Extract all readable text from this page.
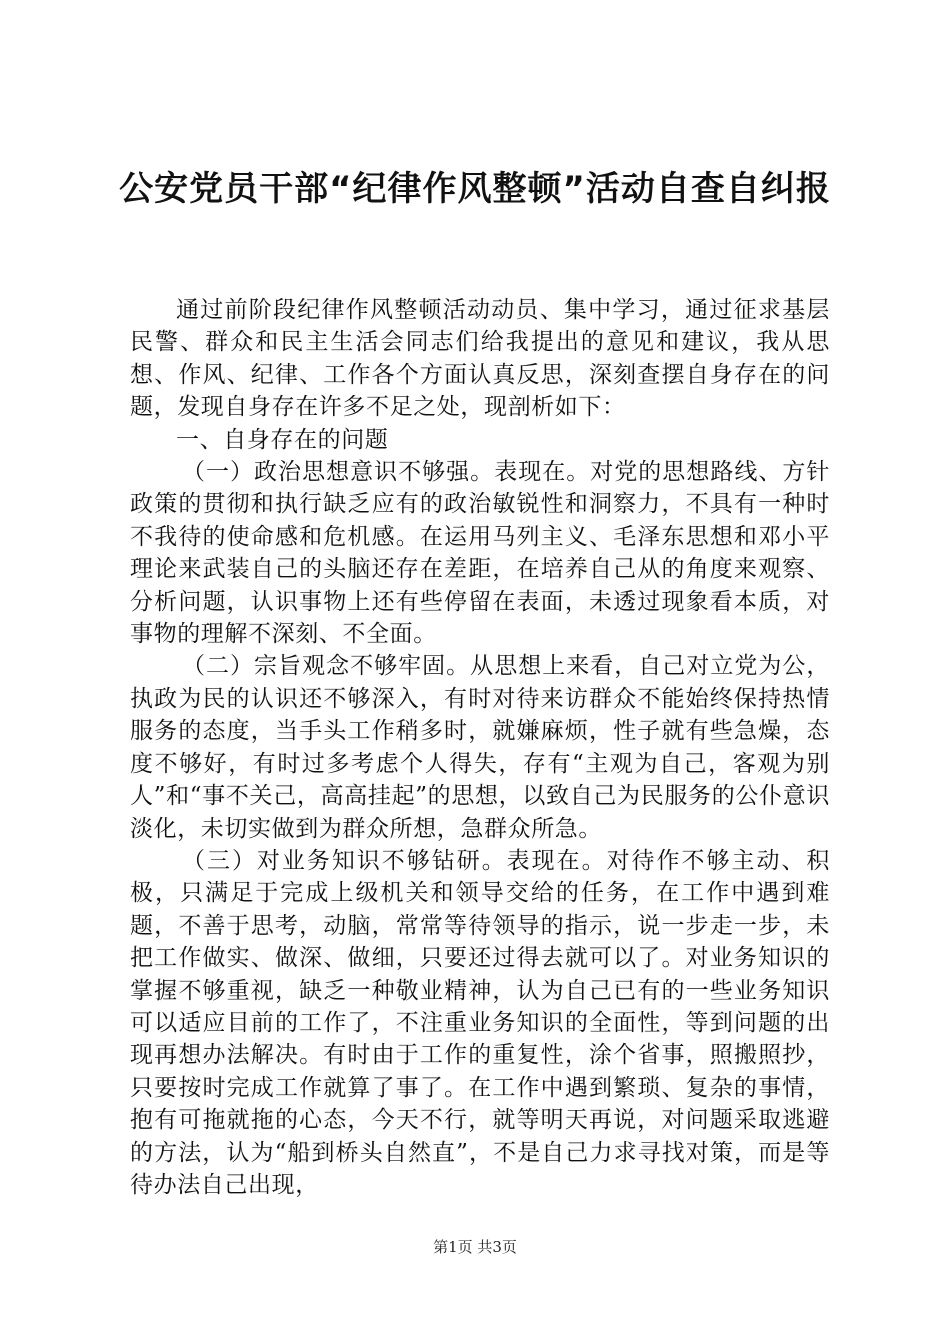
公安党员干部“纪律作风整顿”活动自查自纠报

通过前阶段纪律作风整顿活动动员、集中学习，通过征求基层民警、群众和民主生活会同志们给我提出的意见和建议，我从思想、作风、纪律、工作各个方面认真反思，深刻查摆自身存在的问题，发现自身存在许多不足之处，现剖析如下：

一、自身存在的问题

（一）政治思想意识不够强。表现在。对党的思想路线、方针政策的贯彻和执行缺乏应有的政治敏锐性和洞察力，不具有一种时不我待的使命感和危机感。在运用马列主义、毛泽东思想和邓小平理论来武装自己的头脑还存在差距，在培养自己从的角度来观察、分析问题，认识事物上还有些停留在表面，未透过现象看本质，对事物的理解不深刻、不全面。

（二）宗旨观念不够牢固。从思想上来看，自己对立党为公，执政为民的认识还不够深入，有时对待来访群众不能始终保持热情服务的态度，当手头工作稍多时，就嫌麻烦，性子就有些急燥，态度不够好，有时过多考虑个人得失，存有“主观为自己，客观为别人”和“事不关己，高高挂起”的思想，以致自己为民服务的公仆意识淡化，未切实做到为群众所想，急群众所急。

（三）对业务知识不够钻研。表现在。对待作不够主动、积极，只满足于完成上级机关和领导交给的任务，在工作中遇到难题，不善于思考，动脑，常常等待领导的指示，说一步走一步，未把工作做实、做深、做细，只要还过得去就可以了。对业务知识的掌握不够重视，缺乏一种敬业精神，认为自己已有的一些业务知识可以适应目前的工作了，不注重业务知识的全面性，等到问题的出现再想办法解决。有时由于工作的重复性，涂个省事，照搬照抄，只要按时完成工作就算了事了。在工作中遇到繁琐、复杂的事情，抱有可拖就拖的心态，今天不行，就等明天再说，对问题采取逃避的方法，认为“船到桥头自然直”，不是自己力求寻找对策，而是等待办法自己出现，

第1页 共3页
